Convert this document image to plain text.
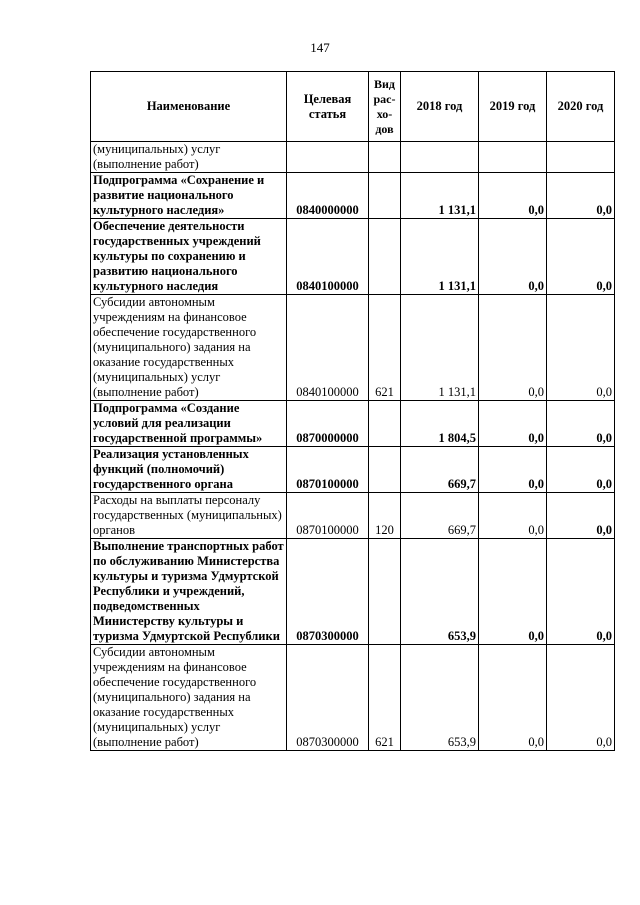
147
Наименование	Целевая статья	Вид рас-хо-дов	2018 год	2019 год	2020 год
(муниципальных) услуг (выполнение работ)					
Подпрограмма «Сохранение и развитие национального культурного наследия»	0840000000		1 131,1	0,0	0,0
Обеспечение деятельности государственных учреждений культуры по сохранению и развитию национального культурного наследия	0840100000		1 131,1	0,0	0,0
Субсидии автономным учреждениям на финансовое обеспечение государственного (муниципального) задания на оказание государственных (муниципальных) услуг (выполнение работ)	0840100000	621	1 131,1	0,0	0,0
Подпрограмма «Создание условий для реализации государственной программы»	0870000000		1 804,5	0,0	0,0
Реализация установленных функций (полномочий) государственного органа	0870100000		669,7	0,0	0,0
Расходы на выплаты персоналу государственных (муниципальных) органов	0870100000	120	669,7	0,0	0,0
Выполнение транспортных работ по обслуживанию Министерства культуры и туризма Удмуртской Республики и учреждений, подведомственных Министерству культуры и туризма Удмуртской Республики	0870300000		653,9	0,0	0,0
Субсидии автономным учреждениям на финансовое обеспечение государственного (муниципального) задания на оказание государственных (муниципальных) услуг (выполнение работ)	0870300000	621	653,9	0,0	0,0
